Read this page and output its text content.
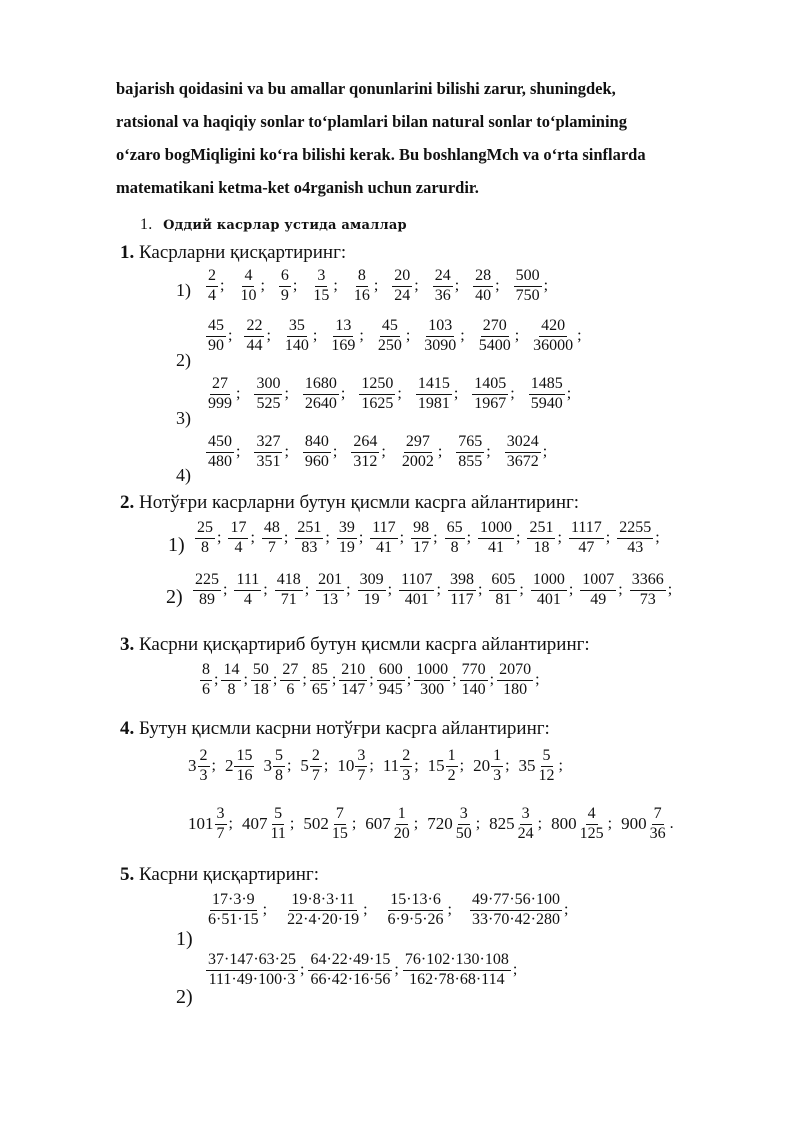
bajarish qoidasini va bu amallar qonunlarini bilishi zarur, shuningdek,
ratsional va haqiqiy sonlar to‘plamlari bilan natural sonlar to‘plamining
o‘zaro bogMiqligini ko‘ra bilishi kerak. Bu boshlangMch va o‘rta sinflarda
matematikani ketma-ket o4rganish uchun zarurdir.
1. Оддий касрлар устида амаллар
1. Касрларни қисқартиринг:
$1) \frac{2}{4}$ ; $\frac{4}{10}$ ; $\frac{6}{9}$ ; $\frac{3}{15}$ ; $\frac{8}{16}$ ; $\frac{20}{24}$ ; $\frac{24}{36}$ ; $\frac{28}{40}$ ; $\frac{500}{750}$ ;
2)
$\frac{45}{90}$ ; $\frac{22}{44}$ ; $\frac{35}{140}$ ; $\frac{13}{169}$ ; $\frac{45}{250}$ ; $\frac{103}{3090}$ ; $\frac{270}{5400}$ ; $\frac{420}{36000}$ ;
3)
$\frac{27}{999}$ ; $\frac{300}{525}$ ; $\frac{1680}{2640}$ ; $\frac{1250}{1625}$ ; $\frac{1415}{1981}$ ; $\frac{1405}{1967}$ ; $\frac{1485}{5940}$ ;
4)
$\frac{450}{480}$ ; $\frac{327}{351}$ ; $\frac{840}{960}$ ; $\frac{264}{312}$ ; $\frac{297}{2002}$ ; $\frac{765}{855}$ ; $\frac{3024}{3672}$ ;
2. Нотўғри касрларни бутун қисмли касрга айлантиринг:
$1) \frac{25}{8}$ ; $\frac{17}{4}$ ; $\frac{48}{7}$ ; $\frac{251}{83}$ ; $\frac{39}{19}$ ; $\frac{117}{41}$ ; $\frac{98}{17}$ ; $\frac{65}{8}$ ; $\frac{1000}{41}$ ; $\frac{251}{18}$ ; $\frac{1117}{47}$ ; $\frac{2255}{43}$ ;
$2) \frac{225}{89}$ ; $\frac{111}{4}$ ; $\frac{418}{71}$ ; $\frac{201}{13}$ ; $\frac{309}{19}$ ; $\frac{1107}{401}$ ; $\frac{398}{117}$ ; $\frac{605}{81}$ ; $\frac{1000}{401}$ ; $\frac{1007}{49}$ ; $\frac{3366}{73}$ ;
3. Касрни қисқартириб бутун қисмли касрга айлантиринг:
$\frac{8}{6}$ ; $\frac{14}{8}$ ; $\frac{50}{18}$ ; $\frac{27}{6}$ ; $\frac{85}{65}$ ; $\frac{210}{147}$ ; $\frac{600}{945}$ ; $\frac{1000}{300}$ ; $\frac{770}{140}$ ; $\frac{2070}{180}$ ;
4. Бутун қисмли касрни нотўғри касрга айлантиринг:
$3 \frac{2}{3}$ ; $2 \frac{15}{16} 3 \frac{5}{8}$ ; $5 \frac{2}{7}$ ; $10 \frac{3}{7}$ ; $11 \frac{2}{3}$ ; $15 \frac{1}{2}$ ; $20 \frac{1}{3}$ ; $35 \frac{5}{12}$ ;
$101 \frac{3}{7}$ ; $407 \frac{5}{11}$ ; $502 \frac{7}{15}$ ; $607 \frac{1}{20}$ ; $720 \frac{3}{50}$ ; $825 \frac{3}{24}$ ; $800 \frac{4}{125}$ ; $900 \frac{7}{36}$ .
5. Касрни қисқартиринг:
1)
$\frac{17\cdot 3\cdot 9}{6\cdot 51\cdot 15}$ ; $\frac{19\cdot 8\cdot 3\cdot 11}{22\cdot 4\cdot 20\cdot 19}$ ; $\frac{15\cdot 13\cdot 6}{6\cdot 9\cdot 5\cdot 26}$ ; $\frac{49\cdot 77\cdot 56\cdot 100}{33\cdot 70\cdot 42\cdot 280}$ ;
2)
$\frac{37\cdot 147\cdot 63\cdot 25}{111\cdot 49\cdot 100\cdot 3}$ ; $\frac{64\cdot 22\cdot 49\cdot 15}{66\cdot 42\cdot 16\cdot 56}$ ; $\frac{76\cdot 102\cdot 130\cdot 108}{162\cdot 78\cdot 68\cdot 114}$ ;
